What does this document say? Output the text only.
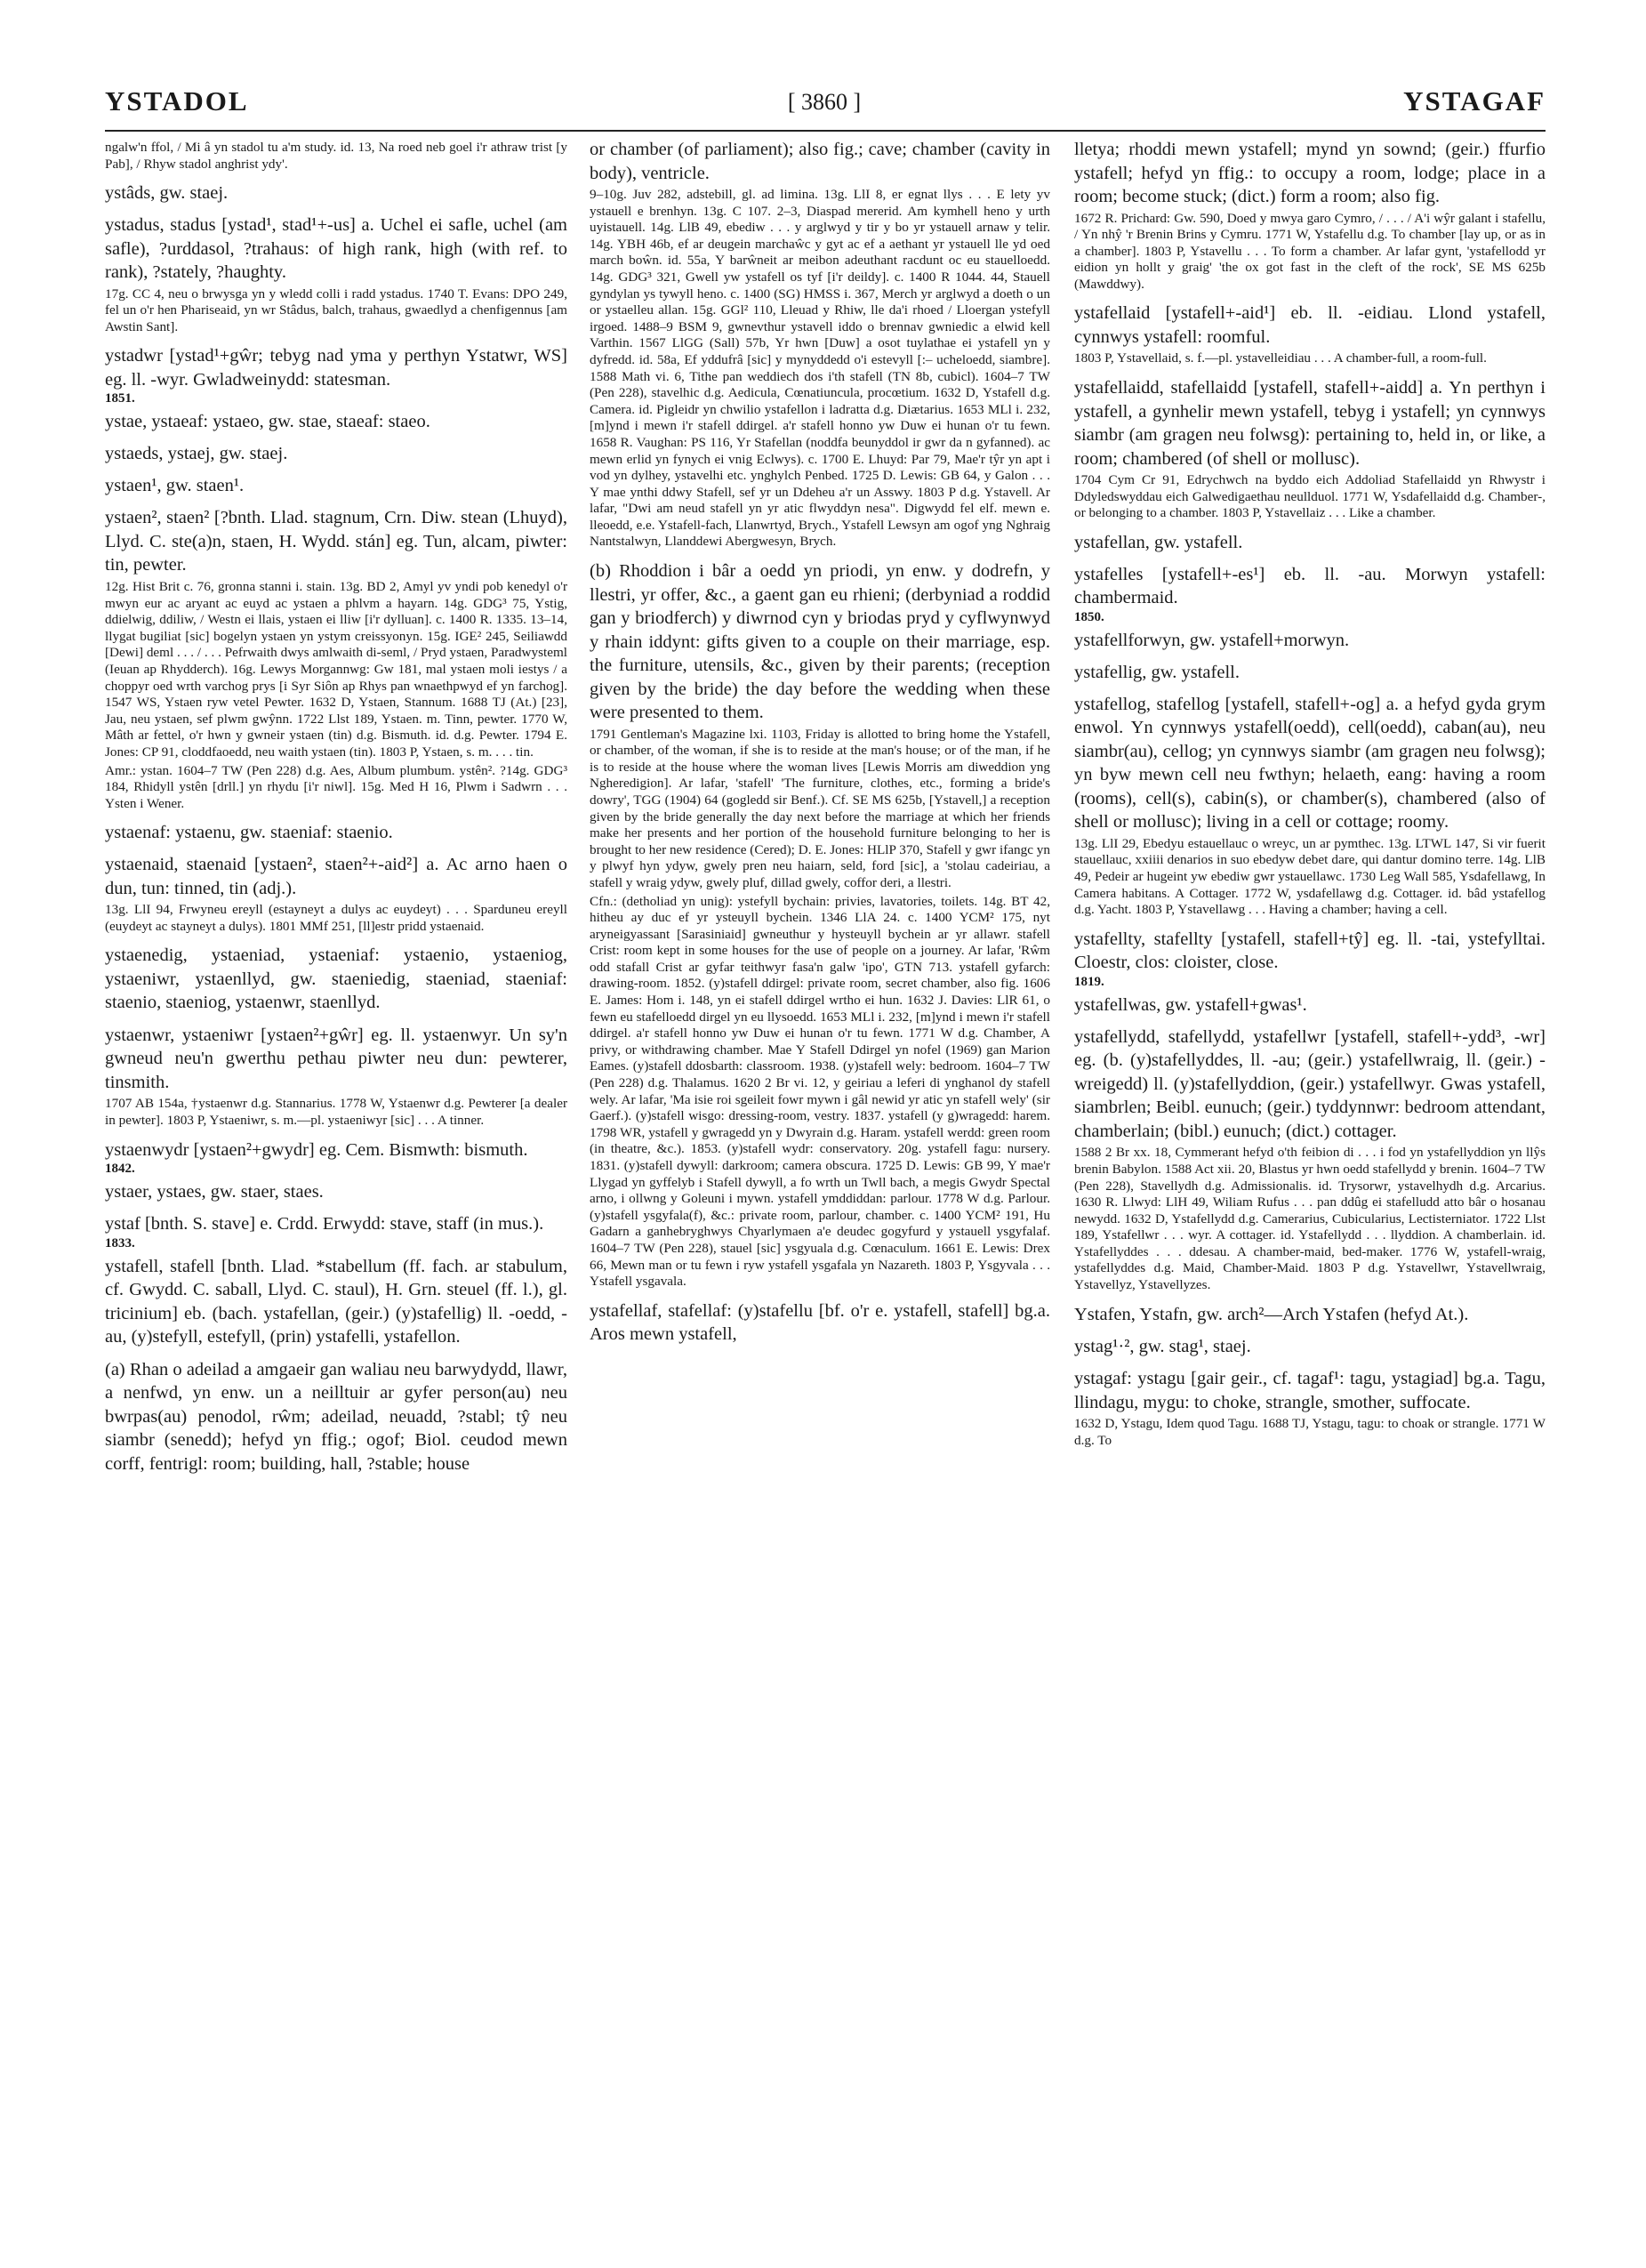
YSTADOL	[ 3860 ]	YSTAGAF

ngalw'n ffol, / Mi â yn stadol tu a'm study. id. 13, Na roed neb goel i'r athraw trist [y Pab], / Rhyw stadol anghrist ydy'.

ystâds, gw. staej.

ystadus, stadus [ystad¹, stad¹+-us] a. Uchel ei safle, uchel (am safle), ?urddasol, ?trahaus: of high rank, high (with ref. to rank), ?stately, ?haughty.

17g. CC 4, neu o brwysga yn y wledd colli i radd ystadus. 1740 T. Evans: DPO 249, fel un o'r hen Phariseaid, yn wr Stâdus, balch, trahaus, gwaedlyd a chenfigennus [am Awstin Sant].

ystadwr [ystad¹+gŵr; tebyg nad yma y perthyn Ystatwr, WS] eg. ll. -wyr. Gwladweinydd: statesman.

1851.

ystae, ystaeaf: ystaeo, gw. stae, staeaf: staeo.

ystaeds, ystaej, gw. staej.

ystaen¹, gw. staen¹.

ystaen², staen² [?bnth. Llad. stagnum, Crn. Diw. stean (Lhuyd), Llyd. C. ste(a)n, staen, H. Wydd. stán] eg. Tun, alcam, piwter: tin, pewter.

12g. Hist Brit c. 76, gronna stanni i. stain. 13g. BD 2, Amyl yv yndi pob kenedyl o'r mwyn eur ac aryant ac euyd ac ystaen a phlvm a hayarn. 14g. GDG³ 75, Ystig, ddielwig, ddiliw, / Westn ei llais, ystaen ei lliw [i'r dylluan]. c. 1400 R. 1335. 13–14, llygat bugiliat [sic] bogelyn ystaen yn ystym creissyonyn. 15g. IGE² 245, Seiliawdd [Dewi] deml . . . / . . . Pefrwaith dwys amlwaith di-seml, / Pryd ystaen, Paradwysteml (Ieuan ap Rhydderch). 16g. Lewys Morgannwg: Gw 181, mal ystaen moli iestys / a choppyr oed wrth varchog prys [i Syr Siôn ap Rhys pan wnaethpwyd ef yn farchog]. 1547 WS, Ystaen ryw vetel Pewter. 1632 D, Ystaen, Stannum. 1688 TJ (At.) [23], Jau, neu ystaen, sef plwm gwŷnn. 1722 Llst 189, Ystaen. m. Tinn, pewter. 1770 W, Mâth ar fettel, o'r hwn y gwneir ystaen (tin) d.g. Bismuth. id. d.g. Pewter. 1794 E. Jones: CP 91, cloddfaoedd, neu waith ystaen (tin). 1803 P, Ystaen, s. m. . . . tin.

Amr.: ystan. 1604–7 TW (Pen 228) d.g. Aes, Album plumbum. ystên². ?14g. GDG³ 184, Rhidyll ystên [drll.] yn rhydu [i'r niwl]. 15g. Med H 16, Plwm i Sadwrn . . . Ysten i Wener.

ystaenaf: ystaenu, gw. staeniaf: staenio.

ystaenaid, staenaid [ystaen², staen²+-aid²] a. Ac arno haen o dun, tun: tinned, tin (adj.).

13g. LlI 94, Frwyneu ereyll (estayneyt a dulys ac euydeyt) . . . Sparduneu ereyll (euydeyt ac stayneyt a dulys). 1801 MMf 251, [ll]estr pridd ystaenaid.

ystaenedig, ystaeniad, ystaeniaf: ystaenio, ystaeniog, ystaeniwr, ystaenllyd, gw. staeniedig, staeniad, staeniaf: staenio, staeniog, ystaenwr, staenllyd.

ystaenwr, ystaeniwr [ystaen²+gŵr] eg. ll. ystaenwyr. Un sy'n gwneud neu'n gwerthu pethau piwter neu dun: pewterer, tinsmith.

1707 AB 154a, †ystaenwr d.g. Stannarius. 1778 W, Ystaenwr d.g. Pewterer [a dealer in pewter]. 1803 P, Ystaeniwr, s. m.—pl. ystaeniwyr [sic] . . . A tinner.

ystaenwydr [ystaen²+gwydr] eg. Cem. Bismwth: bismuth.

1842.

ystaer, ystaes, gw. staer, staes.

ystaf [bnth. S. stave] e. Crdd. Erwydd: stave, staff (in mus.).

1833.

ystafell, stafell [bnth. Llad. *stabellum (ff. fach. ar stabulum, cf. Gwydd. C. saball, Llyd. C. staul), H. Grn. steuel (ff. l.), gl. tricinium] eb. (bach. ystafellan, (geir.) (y)stafellig) ll. -oedd, -au, (y)stefyll, estefyll, (prin) ystafelli, ystafellon.

(a) Rhan o adeilad a amgaeir gan waliau neu barwydydd, llawr, a nenfwd, yn enw. un a neilltuir ar gyfer person(au) neu bwrpas(au) penodol, rŵm; adeilad, neuadd, ?stabl; tŷ neu siambr (senedd); hefyd yn ffig.; ogof; Biol. ceudod mewn corff, fentrigl: room; building, hall, ?stable; house

or chamber (of parliament); also fig.; cave; chamber (cavity in body), ventricle.

9–10g. Juv 282, adstebill, gl. ad limina. 13g. LlI 8, er egnat llys . . . E lety yv ystauell e brenhyn. 13g. C 107. 2–3, Diaspad mererid. Am kymhell heno y urth uyistauell. 14g. LlB 49, ebediw . . . y arglwyd y tir y bo yr ystauell arnaw y telir. 14g. YBH 46b, ef ar deugein marchaŵc y gyt ac ef a aethant yr ystauell lle yd oed march boŵn. id. 55a, Y barŵneit ar meibon adeuthant racdunt oc eu stauelloedd. 14g. GDG³ 321, Gwell yw ystafell os tyf [i'r deildy]. c. 1400 R 1044. 44, Stauell gyndylan ys tywyll heno. c. 1400 (SG) HMSS i. 367, Merch yr arglwyd a doeth o un or ystaelleu allan. 15g. GGl² 110, Lleuad y Rhiw, lle da'i rhoed / Lloergan ystefyll irgoed. 1488–9 BSM 9, gwnevthur ystavell iddo o brennav gwniedic a elwid kell Varthin. 1567 LlGG (Sall) 57b, Yr hwn [Duw] a osot tuylathae ei ystafell yn y dyfredd. id. 58a, Ef yddufrâ [sic] y mynyddedd o'i estevyll [:– ucheloedd, siambre]. 1588 Math vi. 6, Tithe pan weddiech dos i'th stafell (TN 8b, cubicl). 1604–7 TW (Pen 228), stavelhic d.g. Aedicula, Cœnatiuncula, procœtium. 1632 D, Ystafell d.g. Camera. id. Pigleidr yn chwilio ystafellon i ladratta d.g. Diætarius. 1653 MLl i. 232, [m]ynd i mewn i'r stafell ddirgel. a'r stafell honno yw Duw ei hunan o'r tu fewn. 1658 R. Vaughan: PS 116, Yr Stafellan (noddfa beunyddol ir gwr da n gyfanned). ac mewn erlid yn fynych ei vnig Eclwys). c. 1700 E. Lhuyd: Par 79, Mae'r tŷr yn apt i vod yn dylhey, ystavelhi etc. ynghylch Penbed. 1725 D. Lewis: GB 64, y Galon . . . Y mae ynthi ddwy Stafell, sef yr un Ddeheu a'r un Asswy. 1803 P d.g. Ystavell. Ar lafar, "Dwi am neud stafell yn yr atic flwyddyn nesa". Digwydd fel elf. mewn e. lleoedd, e.e. Ystafell-fach, Llanwrtyd, Brych., Ystafell Lewsyn am ogof yng Nghraig Nantstalwyn, Llanddewi Abergwesyn, Brych.

(b) Rhoddion i bâr a oedd yn priodi, yn enw. y dodrefn, y llestri, yr offer, &c., a gaent gan eu rhieni; (derbyniad a roddid gan y briodferch) y diwrnod cyn y briodas pryd y cyflwynwyd y rhain iddynt: gifts given to a couple on their marriage, esp. the furniture, utensils, &c., given by their parents; (reception given by the bride) the day before the wedding when these were presented to them.

1791 Gentleman's Magazine lxi. 1103, Friday is allotted to bring home the Ystafell, or chamber, of the woman, if she is to reside at the man's house; or of the man, if he is to reside at the house where the woman lives [Lewis Morris am diweddion yng Ngheredigion]. Ar lafar, 'stafell' 'The furniture, clothes, etc., forming a bride's dowry', TGG (1904) 64 (gogledd sir Benf.). Cf. SE MS 625b, [Ystavell,] a reception given by the bride generally the day next before the marriage at which her friends make her presents and her portion of the household furniture belonging to her is brought to her new residence (Cered); D. E. Jones: HLlP 370, Stafell y gwr ifangc yn y plwyf hyn ydyw, gwely pren neu haiarn, seld, ford [sic], a 'stolau cadeiriau, a stafell y wraig ydyw, gwely pluf, dillad gwely, coffor deri, a llestri.

Cfn.: (detholiad yn unig): ystefyll bychain: privies, lavatories, toilets. 14g. BT 42, hitheu ay duc ef yr ysteuyll bychein. 1346 LlA 24. c. 1400 YCM² 175, nyt aryneigyassant [Sarasiniaid] gwneuthur y hysteuyll bychein ar yr allawr. stafell Crist: room kept in some houses for the use of people on a journey. Ar lafar, 'Rŵm odd stafall Crist ar gyfar teithwyr fasa'n galw 'ipo', GTN 713. ystafell gyfarch: drawing-room. 1852. (y)stafell ddirgel: private room, secret chamber, also fig. 1606 E. James: Hom i. 148, yn ei stafell ddirgel wrtho ei hun. 1632 J. Davies: LlR 61, o fewn eu stafelloedd dirgel yn eu llysoedd. 1653 MLl i. 232, [m]ynd i mewn i'r stafell ddirgel. a'r stafell honno yw Duw ei hunan o'r tu fewn. 1771 W d.g. Chamber, A privy, or withdrawing chamber. Mae Y Stafell Ddirgel yn nofel (1969) gan Marion Eames. (y)stafell ddosbarth: classroom. 1938. (y)stafell wely: bedroom. 1604–7 TW (Pen 228) d.g. Thalamus. 1620 2 Br vi. 12, y geiriau a leferi di ynghanol dy stafell wely. Ar lafar, 'Ma isie roi sgeileit fowr mywn i gâl newid yr atic yn stafell wely' (sir Gaerf.). (y)stafell wisgo: dressing-room, vestry. 1837. ystafell (y g)wragedd: harem. 1798 WR, ystafell y gwragedd yn y Dwyrain d.g. Haram. ystafell werdd: green room (in theatre, &c.). 1853. (y)stafell wydr: conservatory. 20g. ystafell fagu: nursery. 1831. (y)stafell dywyll: darkroom; camera obscura. 1725 D. Lewis: GB 99, Y mae'r Llygad yn gyffelyb i Stafell dywyll, a fo wrth un Twll bach, a megis Gwydr Spectal arno, i ollwng y Goleuni i mywn. ystafell ymddiddan: parlour. 1778 W d.g. Parlour. (y)stafell ysgyfala(f), &c.: private room, parlour, chamber. c. 1400 YCM² 191, Hu Gadarn a ganhebryghwys Chyarlymaen a'e deudec gogyfurd y ystauell ysgyfalaf. 1604–7 TW (Pen 228), stauel [sic] ysgyuala d.g. Cœnaculum. 1661 E. Lewis: Drex 66, Mewn man or tu fewn i ryw ystafell ysgafala yn Nazareth. 1803 P, Ysgyvala . . . Ystafell ysgavala.

ystafellaf, stafellaf: (y)stafellu [bf. o'r e. ystafell, stafell] bg.a. Aros mewn ystafell,

lletya; rhoddi mewn ystafell; mynd yn sownd; (geir.) ffurfio ystafell; hefyd yn ffig.: to occupy a room, lodge; place in a room; become stuck; (dict.) form a room; also fig.

1672 R. Prichard: Gw. 590, Doed y mwya garo Cymro, / . . . / A'i wŷr galant i stafellu, / Yn nhŷ 'r Brenin Brins y Cymru. 1771 W, Ystafellu d.g. To chamber [lay up, or as in a chamber]. 1803 P, Ystavellu . . . To form a chamber. Ar lafar gynt, 'ystafellodd yr eidion yn hollt y graig' 'the ox got fast in the cleft of the rock', SE MS 625b (Mawddwy).

ystafellaid [ystafell+-aid¹] eb. ll. -eidiau. Llond ystafell, cynnwys ystafell: roomful.

1803 P, Ystavellaid, s. f.—pl. ystavelleidiau . . . A chamber-full, a room-full.

ystafellaidd, stafellaidd [ystafell, stafell+-aidd] a. Yn perthyn i ystafell, a gynhelir mewn ystafell, tebyg i ystafell; yn cynnwys siambr (am gragen neu folwsg): pertaining to, held in, or like, a room; chambered (of shell or mollusc).

1704 Cym Cr 91, Edrychwch na byddo eich Addoliad Stafellaidd yn Rhwystr i Ddyledswyddau eich Galwedigaethau neullduol. 1771 W, Ysdafellaidd d.g. Chamber-, or belonging to a chamber. 1803 P, Ystavellaiz . . . Like a chamber.

ystafellan, gw. ystafell.

ystafelles [ystafell+-es¹] eb. ll. -au. Morwyn ystafell: chambermaid.

1850.

ystafellforwyn, gw. ystafell+morwyn.

ystafellig, gw. ystafell.

ystafellog, stafellog [ystafell, stafell+-og] a. a hefyd gyda grym enwol. Yn cynnwys ystafell(oedd), cell(oedd), caban(au), neu siambr(au), cellog; yn cynnwys siambr (am gragen neu folwsg); yn byw mewn cell neu fwthyn; helaeth, eang: having a room (rooms), cell(s), cabin(s), or chamber(s), chambered (also of shell or mollusc); living in a cell or cottage; roomy.

13g. LlI 29, Ebedyu estauellauc o wreyc, un ar pymthec. 13g. LTWL 147, Si vir fuerit stauellauc, xxiiii denarios in suo ebedyw debet dare, qui dantur domino terre. 14g. LlB 49, Pedeir ar hugeint yw ebediw gwr ystauellawc. 1730 Leg Wall 585, Ysdafellawg, In Camera habitans. A Cottager. 1772 W, ysdafellawg d.g. Cottager. id. bâd ystafellog d.g. Yacht. 1803 P, Ystavellawg . . . Having a chamber; having a cell.

ystafellty, stafellty [ystafell, stafell+tŷ] eg. ll. -tai, ystefylltai. Cloestr, clos: cloister, close.

1819.

ystafellwas, gw. ystafell+gwas¹.

ystafellydd, stafellydd, ystafellwr [ystafell, stafell+-ydd³, -wr] eg. (b. (y)stafellyddes, ll. -au; (geir.) ystafellwraig, ll. (geir.) -wreigedd) ll. (y)stafellyddion, (geir.) ystafellwyr. Gwas ystafell, siambrlen; Beibl. eunuch; (geir.) tyddynnwr: bedroom attendant, chamberlain; (bibl.) eunuch; (dict.) cottager.

1588 2 Br xx. 18, Cymmerant hefyd o'th feibion di . . . i fod yn ystafellyddion yn llŷs brenin Babylon. 1588 Act xii. 20, Blastus yr hwn oedd stafellydd y brenin. 1604–7 TW (Pen 228), Stavellydh d.g. Admissionalis. id. Trysorwr, ystavelhydh d.g. Arcarius. 1630 R. Llwyd: LlH 49, Wiliam Rufus . . . pan ddûg ei stafelludd atto bâr o hosanau newydd. 1632 D, Ystafellydd d.g. Camerarius, Cubicularius, Lectisterniator. 1722 Llst 189, Ystafellwr . . . wyr. A cottager. id. Ystafellydd . . . llyddion. A chamberlain. id. Ystafellyddes . . . ddesau. A chamber-maid, bed-maker. 1776 W, ystafell-wraig, ystafellyddes d.g. Maid, Chamber-Maid. 1803 P d.g. Ystavellwr, Ystavellwraig, Ystavellyz, Ystavellyzes.

Ystafen, Ystafn, gw. arch²—Arch Ystafen (hefyd At.).

ystag¹·², gw. stag¹, staej.

ystagaf: ystagu [gair geir., cf. tagaf¹: tagu, ystagiad] bg.a. Tagu, llindagu, mygu: to choke, strangle, smother, suffocate.

1632 D, Ystagu, Idem quod Tagu. 1688 TJ, Ystagu, tagu: to choak or strangle. 1771 W d.g. To
